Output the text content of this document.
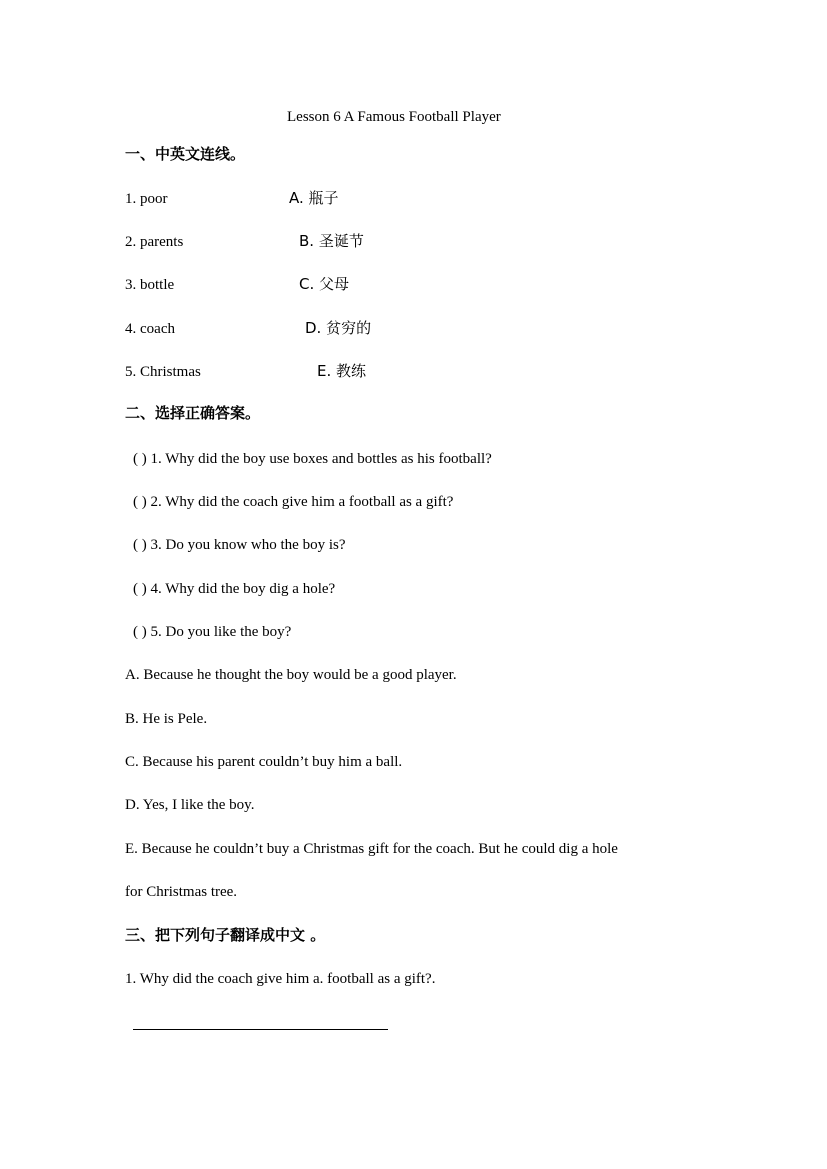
Lesson 6 A Famous Football Player
一、中英文连线。
1. poor
2. parents
3. bottle
4. coach
5. Christmas
A. 瓶子
B. 圣诞节
C. 父母
D. 贫穷的
E. 教练
二、选择正确答案。
( ) 1. Why did the boy use boxes and bottles as his football?
( ) 2. Why did the coach give him a football as a gift?
( ) 3. Do you know who the boy is?
( ) 4. Why did the boy dig a hole?
( ) 5. Do you like the boy?
A. Because he thought the boy would be a good player.
B. He is Pele.
C. Because his parent couldn’t buy him a ball.
D. Yes, I like the boy.
E. Because he couldn’t buy a Christmas gift for the coach. But he could dig a hole
for Christmas tree.
三、把下列句子翻译成中文 。
1. Why did the coach give him a. football as a gift?.
